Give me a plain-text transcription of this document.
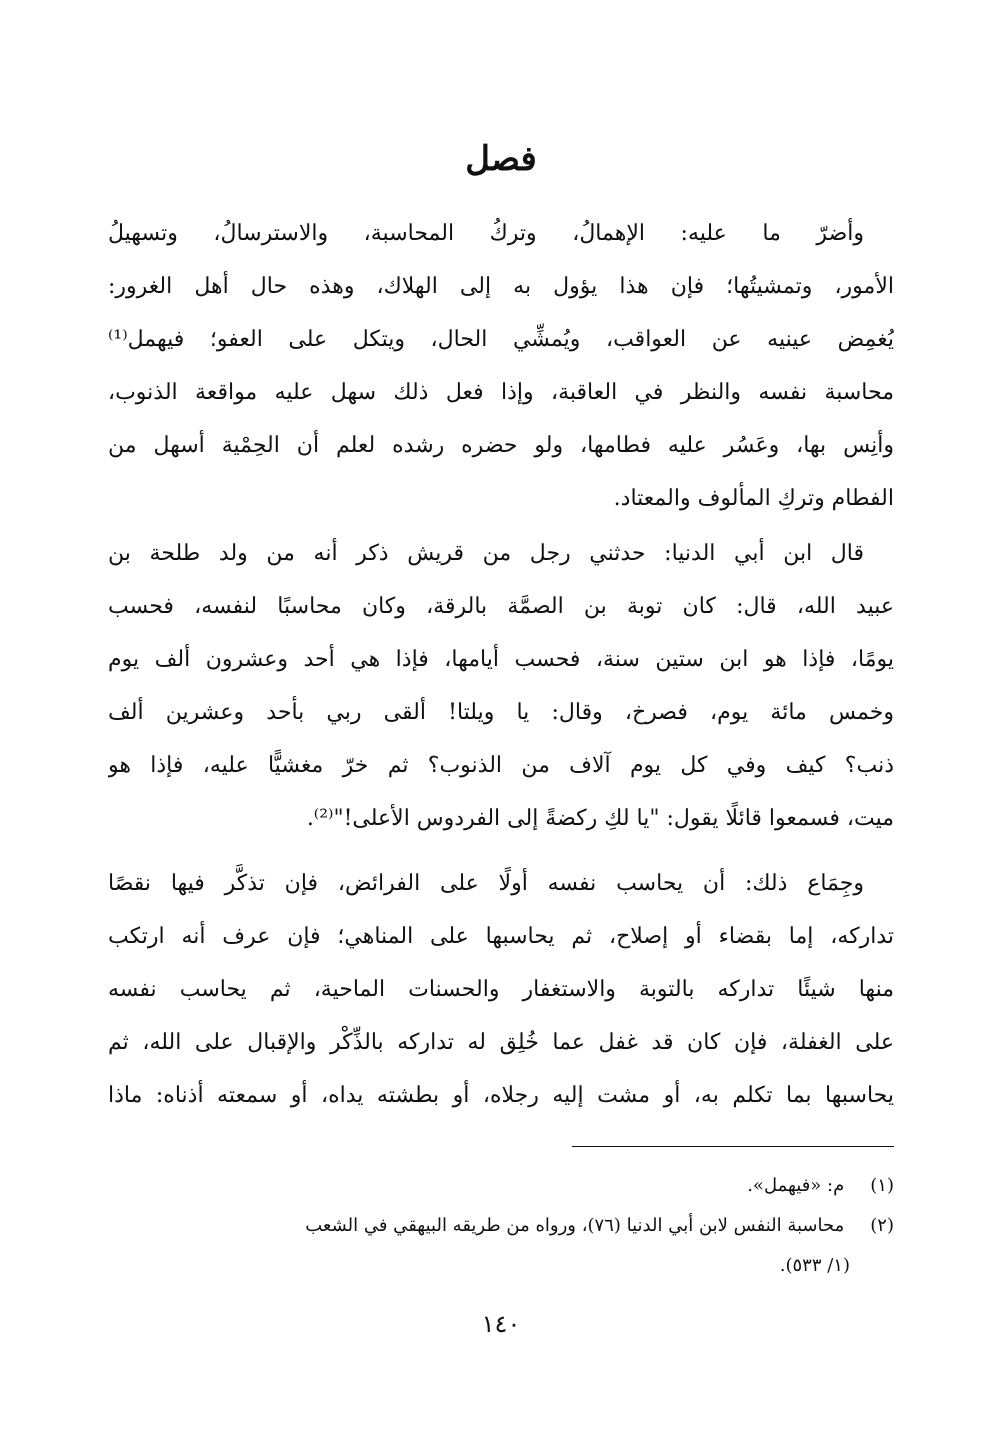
فصل
وأضرّ ما عليه: الإهمالُ، وتركُ المحاسبة، والاسترسالُ، وتسهيلُ
الأمور، وتمشيتُها؛ فإن هذا يؤول به إلى الهلاك، وهذه حال أهل الغرور:
يُغمِض عينيه عن العواقب، ويُمشِّي الحال، ويتكل على العفو؛ فيهمل⁽¹⁾
محاسبة نفسه والنظر في العاقبة، وإذا فعل ذلك سهل عليه مواقعة الذنوب،
وأنِس بها، وعَسُر عليه فطامها، ولو حضره رشده لعلم أن الحِمْية أسهل من
الفطام وتركِ المألوف والمعتاد.
قال ابن أبي الدنيا: حدثني رجل من قريش ذكر أنه من ولد طلحة بن
عبيد الله، قال: كان توبة بن الصمَّة بالرقة، وكان محاسبًا لنفسه، فحسب
يومًا، فإذا هو ابن ستين سنة، فحسب أيامها، فإذا هي أحد وعشرون ألف يوم
وخمس مائة يوم، فصرخ، وقال: يا ويلتا! ألقى ربي بأحد وعشرين ألف
ذنب؟ كيف وفي كل يوم آلاف من الذنوب؟ ثم خرّ مغشيًّا عليه، فإذا هو
ميت، فسمعوا قائلًا يقول: "يا لكِ ركضةً إلى الفردوس الأعلى!"⁽²⁾.
وجِمَاع ذلك: أن يحاسب نفسه أولًا على الفرائض، فإن تذكَّر فيها نقصًا
تداركه، إما بقضاء أو إصلاح، ثم يحاسبها على المناهي؛ فإن عرف أنه ارتكب
منها شيئًا تداركه بالتوبة والاستغفار والحسنات الماحية، ثم يحاسب نفسه
على الغفلة، فإن كان قد غفل عما خُلِق له تداركه بالذِّكْر والإقبال على الله، ثم
يحاسبها بما تكلم به، أو مشت إليه رجلاه، أو بطشته يداه، أو سمعته أذناه: ماذا
(١) م: «فيهمل».
(٢) محاسبة النفس لابن أبي الدنيا (٧٦)، ورواه من طريقه البيهقي في الشعب
(١/ ٥٣٣).
١٤٠
